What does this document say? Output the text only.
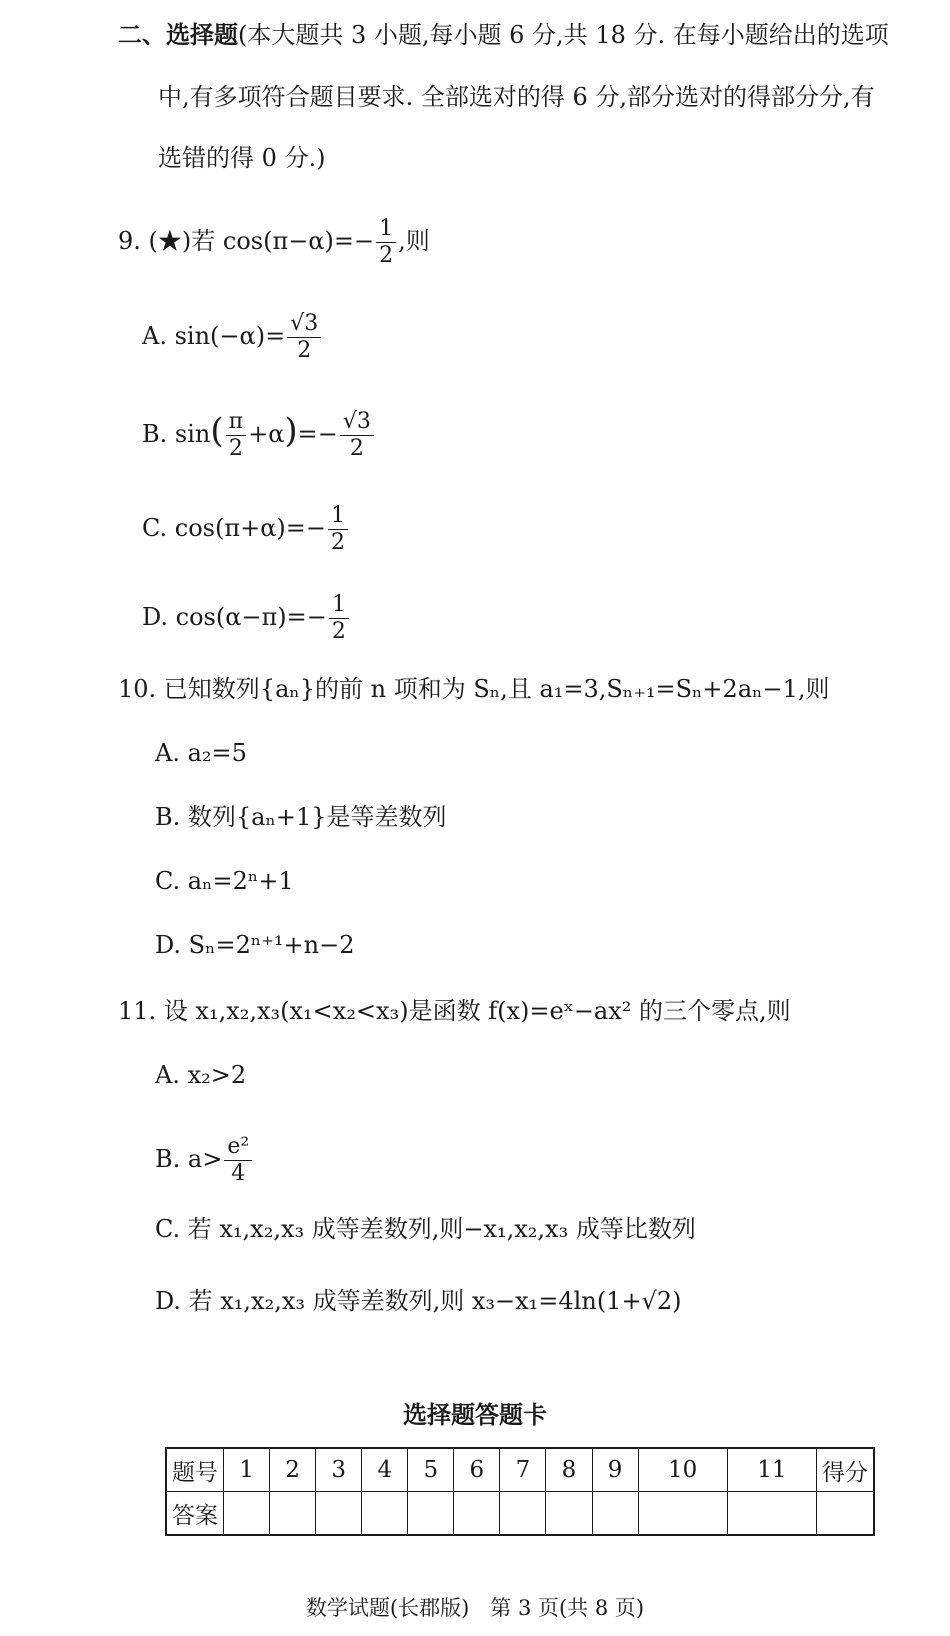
二、选择题(本大题共 3 小题,每小题 6 分,共 18 分. 在每小题给出的选项
中,有多项符合题目要求. 全部选对的得 6 分,部分选对的得部分分,有
选错的得 0 分.)
9. (★)若 $\cos(\pi-\alpha)=- \frac{1}{2}$ ,则
A. $\sin(-\alpha)= \frac{√3}{2}$
B. $\sin( \frac{\pi}{2} +\alpha)=- \frac{√3}{2}$
C. $\cos(\pi+\alpha)=- \frac{1}{2}$
D. $\cos(\alpha-\pi)=- \frac{1}{2}$
10. 已知数列{aₙ}的前 n 项和为 Sₙ,且 a₁=3,Sₙ₊₁=Sₙ+2aₙ−1,则
A. a₂=5
B. 数列{aₙ+1}是等差数列
C. aₙ=2ⁿ+1
D. Sₙ=2ⁿ⁺¹+n−2
11. 设 x₁,x₂,x₃(x₁<x₂<x₃)是函数 f(x)=eˣ−ax² 的三个零点,则
A. x₂>2
B. $a> \frac{\text{e²}}{4}$
C. 若 x₁,x₂,x₃ 成等差数列,则−x₁,x₂,x₃ 成等比数列
D. 若 x₁,x₂,x₃ 成等差数列,则 x₃−x₁=4ln(1+√2)
选择题答题卡
题号	1	2	3	4	5	6	7	8	9	10	11	得分
答案												
数学试题(长郡版)　第 3 页(共 8 页)
